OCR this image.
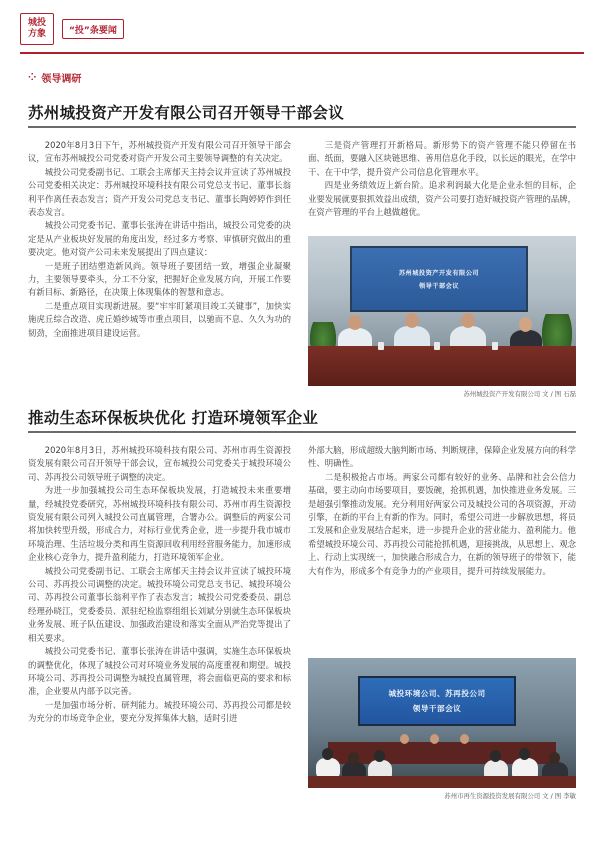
城投
方象	“投”条要闻
⁘ 领导调研
苏州城投资产开发有限公司召开领导干部会议

2020年8月3日下午，苏州城投资产开发有限公司召开领导干部会议，宣布苏州城投公司党委对资产开发公司主要领导调整的有关决定。

城投公司党委副书记、工联会主席郁天主持会议并宣读了苏州城投公司党委相关决定：苏州城投环境科技有限公司党总支书记、董事长翁利平作离任表态发言；资产开发公司党总支书记、董事长陶婷婷作到任表态发言。

城投公司党委书记、董事长张涛在讲话中指出，城投公司党委的决定是从产业板块好发展的角度出发，经过多方考察、审慎研究做出的重要决定。他对资产公司未来发展提出了四点建议：

一是班子团结塑造新风尚。领导班子要团结一致，增强企业凝聚力，主要领导要牵头，分工不分家，把握好企业发展方向，开展工作要有新目标、新路径，在决策上体现集体的智慧和意志。

二是重点项目实现新进展。要“牢牢盯紧项目竣工关键事”，加快实施虎丘综合改造、虎丘婚纱城等市重点项目，以驰而不息、久久为功的韧劲，全面推进项目建设运营。

三是资产管理打开新格局。新形势下的资产管理不能只停留在书面、纸面，要融入区块链思维、善用信息化手段，以长远的眼光，在学中干、在干中学，提升资产公司信息化管理水平。

四是业务绩效迈上新台阶。追求利润最大化是企业永恒的目标，企业要发展就要狠抓效益出成绩，资产公司要打造好城投资产管理的品牌，在资产管理的平台上越做越优。

苏州城投资产开发有限公司
领导干部会议
苏州城投资产开发有限公司 文 / 图 石磊
推动生态环保板块优化 打造环境领军企业

2020年8月3日，苏州城投环境科技有限公司、苏州市再生资源投资发展有限公司召开领导干部会议，宣布城投公司党委关于城投环境公司、苏再投公司领导班子调整的决定。

为进一步加强城投公司生态环保板块发展，打造城投未来重要增量，经城投党委研究，苏州城投环境科技有限公司、苏州市再生资源投资发展有限公司列入城投公司直属管理，合署办公。调整后的两家公司将加快转型升级，形成合力，对标行业优秀企业，进一步提升我市城市环境治理、生活垃圾分类和再生资源回收利用经营服务能力，加速形成企业核心竞争力，提升盈利能力，打造环境领军企业。

城投公司党委副书记、工联会主席郁天主持会议并宣读了城投环境公司、苏再投公司调整的决定。城投环境公司党总支书记、城投环境公司、苏再投公司董事长翁利平作了表态发言；城投公司党委委员、副总经理孙晓江，党委委员、派驻纪检监察组组长刘斌分别就生态环保板块业务发展、班子队伍建设、加强政治建设和落实全面从严治党等提出了相关要求。

城投公司党委书记、董事长张涛在讲话中强调，实施生态环保板块的调整优化，体现了城投公司对环境业务发展的高度重视和期望。城投环境公司、苏再投公司调整为城投直属管理，将会面临更高的要求和标准，企业要从内部予以完善。

一是加强市场分析、研判能力。城投环境公司、苏再投公司都是较为充分的市场竞争企业，要充分发挥集体大脑，适时引进

外部大脑，形成超级大脑判断市场、判断规律，保障企业发展方向的科学性、明确性。

二是积极抢占市场。两家公司都有较好的业务、品牌和社会公信力基础，要主动向市场要项目，要饭碗，抢抓机遇，加快推进业务发展。三是超强引擎推动发展。充分利用好两家公司及城投公司的各项资源，开动引擎，在新的平台上有新的作为。同时，希望公司进一步解放思想，将员工发展和企业发展结合起来，进一步提升企业的营业能力、盈利能力。他希望城投环境公司、苏再投公司能抢抓机遇，迎接挑战，从思想上、观念上、行动上实现统一，加快融合形成合力，在新的领导班子的带领下，能大有作为，形成多个有竞争力的产业项目，提升可持续发展能力。

城投环境公司、苏再投公司
领导干部会议
苏州市再生资源投资发展有限公司 文 / 图 李敏
